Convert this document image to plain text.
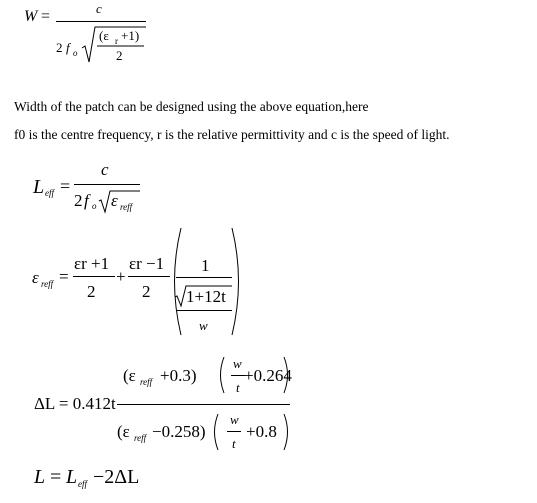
W =	c
2 f o
(ε r +1)
2
Width of the patch can be designed using the above equation,here
f0 is the centre frequency, r is the relative permittivity and c is the speed of light.
L eff =
c
2 f o ε reff
ε reff =
εr +1
2
+
εr −1
2
1
1+12t
w
ΔL = 0.412t
(ε reff +0.3)
w
t
+0.264
(ε reff −0.258)
w
t
+0.8
L = L eff −2ΔL
